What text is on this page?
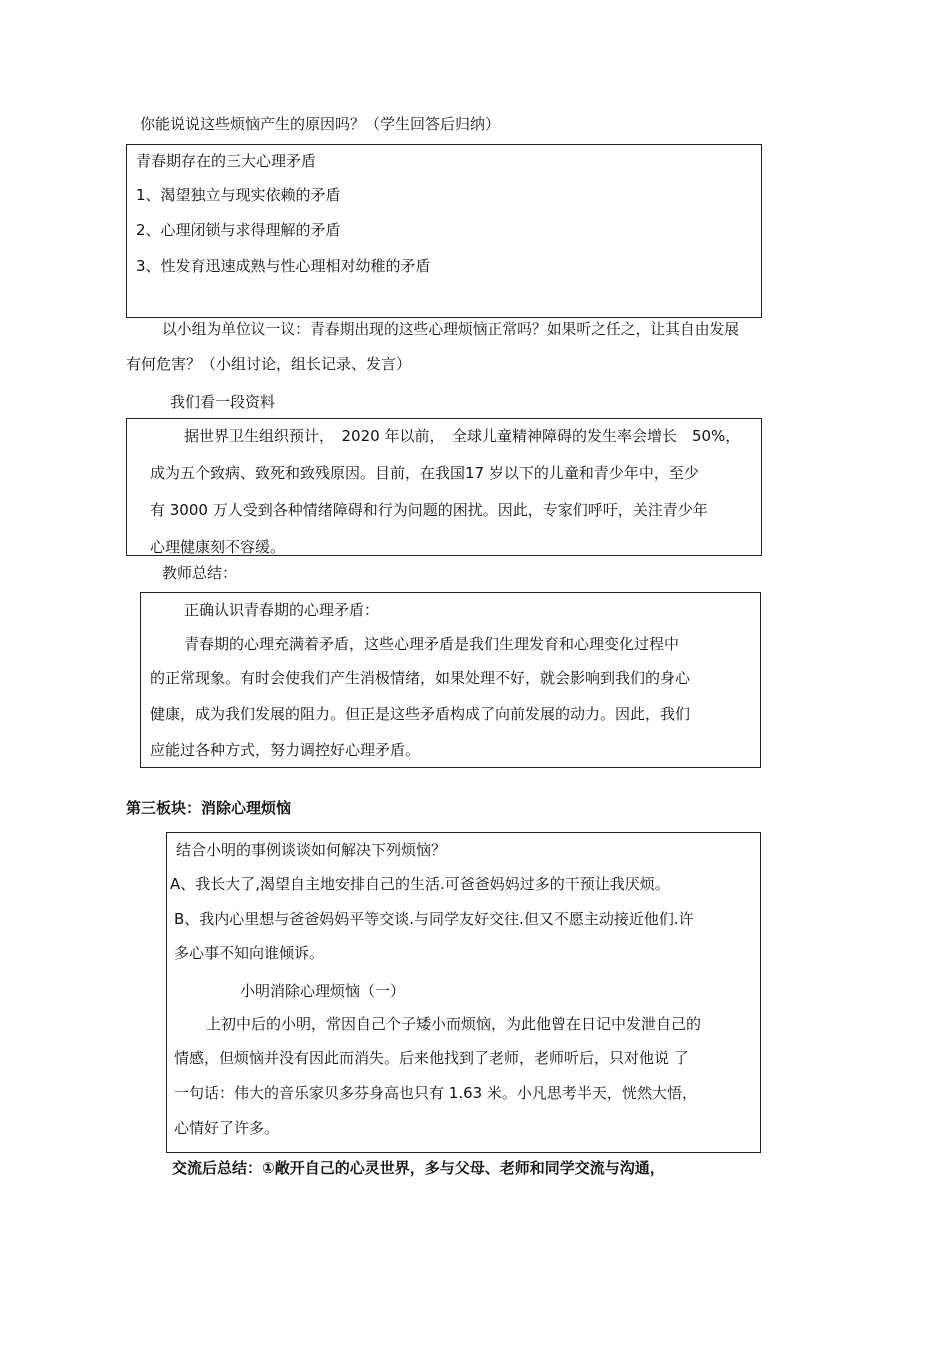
你能说说这些烦恼产生的原因吗？（学生回答后归纳）
青春期存在的三大心理矛盾
1、渴望独立与现实依赖的矛盾
2、心理闭锁与求得理解的矛盾
3、性发育迅速成熟与性心理相对幼稚的矛盾
以小组为单位议一议：青春期出现的这些心理烦恼正常吗？如果听之任之，让其自由发展
有何危害？（小组讨论，组长记录、发言）
我们看一段资料
据世界卫生组织预计，　2020 年以前，　全球儿童精神障碍的发生率会增长　50%，
成为五个致病、致死和致残原因。目前，在我国17 岁以下的儿童和青少年中，至少
有 3000 万人受到各种情绪障碍和行为问题的困扰。因此，专家们呼吁，关注青少年
心理健康刻不容缓。
教师总结：
正确认识青春期的心理矛盾：
青春期的心理充满着矛盾，这些心理矛盾是我们生理发育和心理变化过程中
的正常现象。有时会使我们产生消极情绪，如果处理不好，就会影响到我们的身心
健康，成为我们发展的阻力。但正是这些矛盾构成了向前发展的动力。因此，我们
应能过各种方式，努力调控好心理矛盾。
第三板块：消除心理烦恼
结合小明的事例谈谈如何解决下列烦恼？
A、我长大了,渴望自主地安排自己的生活.可爸爸妈妈过多的干预让我厌烦。
B、我内心里想与爸爸妈妈平等交谈.与同学友好交往.但又不愿主动接近他们.许
多心事不知向谁倾诉。
小明消除心理烦恼（一）
上初中后的小明，常因自己个子矮小而烦恼，为此他曾在日记中发泄自己的
情感，但烦恼并没有因此而消失。后来他找到了老师，老师听后，只对他说 了
一句话：伟大的音乐家贝多芬身高也只有 1.63 米。小凡思考半天，恍然大悟，
心情好了许多。
交流后总结：①敞开自己的心灵世界，多与父母、老师和同学交流与沟通，
